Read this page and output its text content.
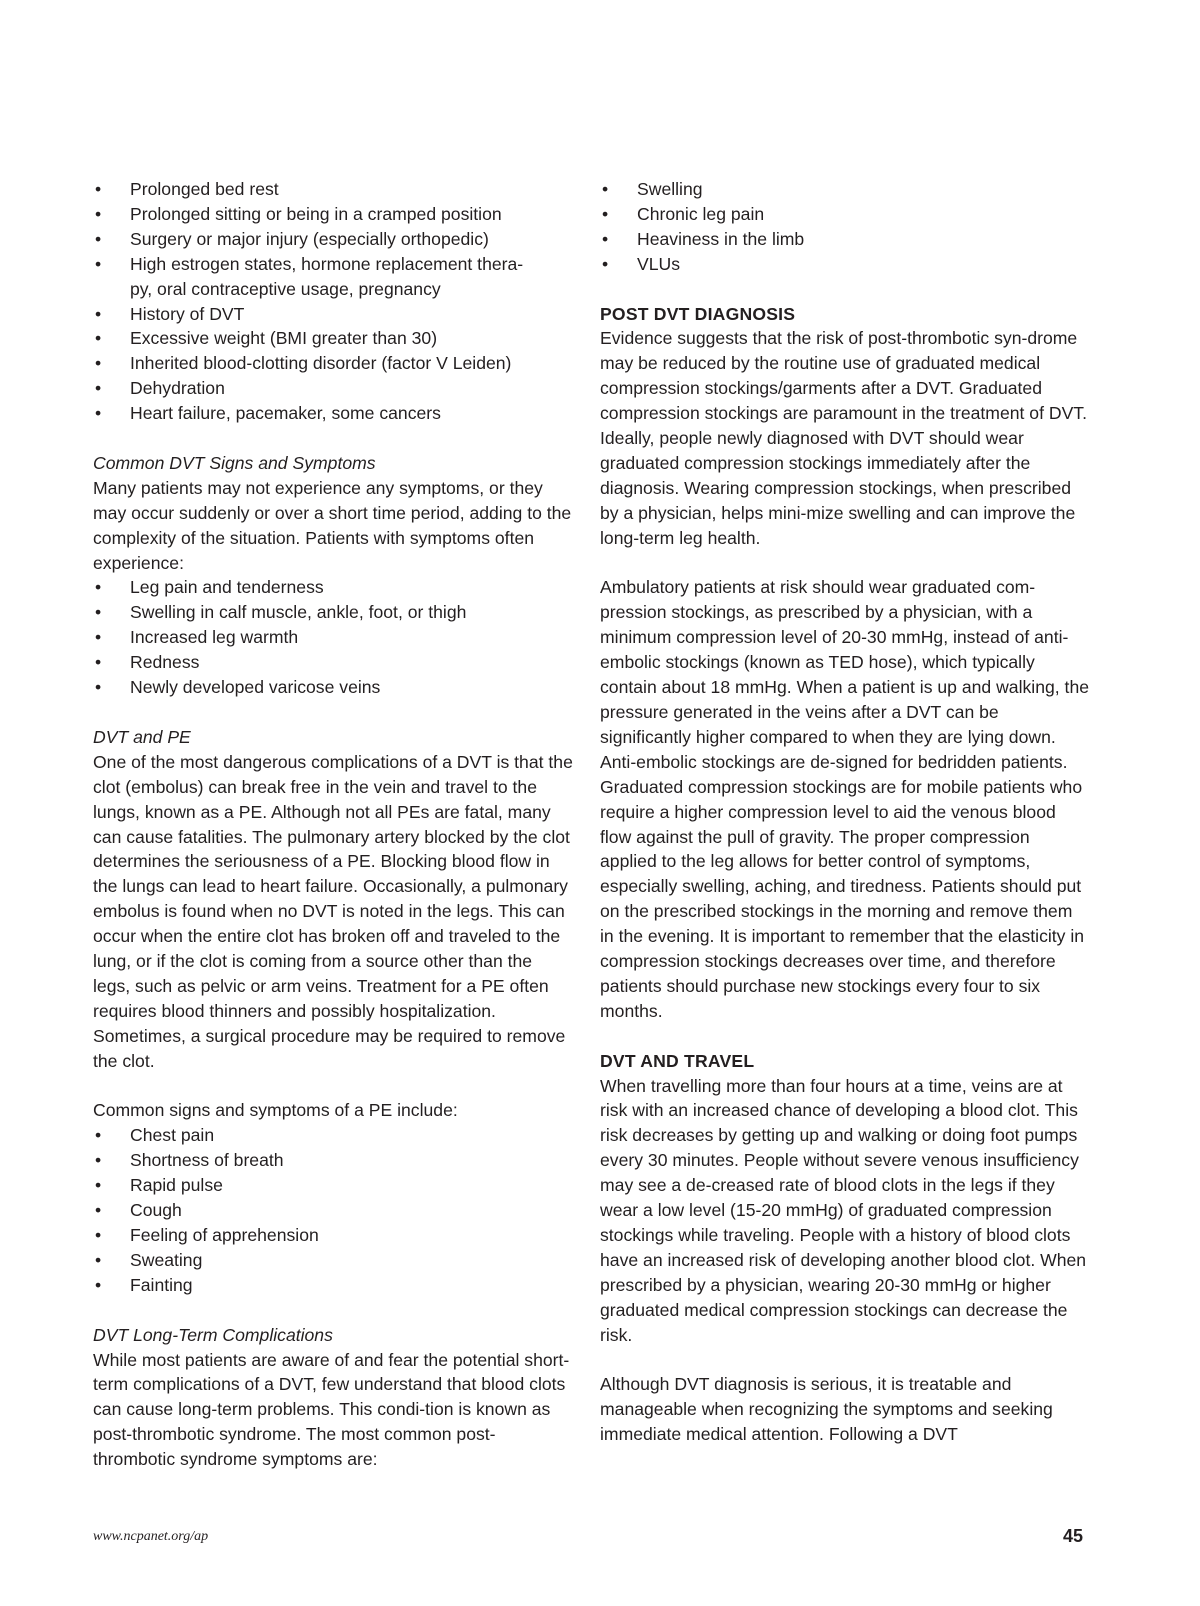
• Prolonged bed rest
• Prolonged sitting or being in a cramped position
• Surgery or major injury (especially orthopedic)
• High estrogen states, hormone replacement thera-
py, oral contraceptive usage, pregnancy
• History of DVT
• Excessive weight (BMI greater than 30)
• Inherited blood-clotting disorder (factor V Leiden)
• Dehydration
• Heart failure, pacemaker, some cancers
Common DVT Signs and Symptoms

Many patients may not experience any symptoms, or they may occur suddenly or over a short time period, adding to the complexity of the situation. Patients with symptoms often experience:

• Leg pain and tenderness
• Swelling in calf muscle, ankle, foot, or thigh
• Increased leg warmth
• Redness
• Newly developed varicose veins
DVT and PE

One of the most dangerous complications of a DVT is that the clot (embolus) can break free in the vein and travel to the lungs, known as a PE. Although not all PEs are fatal, many can cause fatalities. The pulmonary artery blocked by the clot determines the seriousness of a PE. Blocking blood flow in the lungs can lead to heart failure. Occasionally, a pulmonary embolus is found when no DVT is noted in the legs. This can occur when the entire clot has broken off and traveled to the lung, or if the clot is coming from a source other than the legs, such as pelvic or arm veins. Treatment for a PE often requires blood thinners and possibly hospitalization. Sometimes, a surgical procedure may be required to remove the clot.

Common signs and symptoms of a PE include:

• Chest pain
• Shortness of breath
• Rapid pulse
• Cough
• Feeling of apprehension
• Sweating
• Fainting
DVT Long-Term Complications

While most patients are aware of and fear the potential short-term complications of a DVT, few understand that blood clots can cause long-term problems. This condi-tion is known as post-thrombotic syndrome. The most common post-thrombotic syndrome symptoms are:

• Swelling
• Chronic leg pain
• Heaviness in the limb
• VLUs
POST DVT DIAGNOSIS

Evidence suggests that the risk of post-thrombotic syn-drome may be reduced by the routine use of graduated medical compression stockings/garments after a DVT. Graduated compression stockings are paramount in the treatment of DVT. Ideally, people newly diagnosed with DVT should wear graduated compression stockings immediately after the diagnosis. Wearing compression stockings, when prescribed by a physician, helps mini-mize swelling and can improve the long-term leg health.

Ambulatory patients at risk should wear graduated com-pression stockings, as prescribed by a physician, with a minimum compression level of 20-30 mmHg, instead of anti-embolic stockings (known as TED hose), which typically contain about 18 mmHg. When a patient is up and walking, the pressure generated in the veins after a DVT can be significantly higher compared to when they are lying down. Anti-embolic stockings are de-signed for bedridden patients. Graduated compression stockings are for mobile patients who require a higher compression level to aid the venous blood flow against the pull of gravity. The proper compression applied to the leg allows for better control of symptoms, especially swelling, aching, and tiredness. Patients should put on the prescribed stockings in the morning and remove them in the evening. It is important to remember that the elasticity in compression stockings decreases over time, and therefore patients should purchase new stockings every four to six months.

DVT AND TRAVEL

When travelling more than four hours at a time, veins are at risk with an increased chance of developing a blood clot. This risk decreases by getting up and walking or doing foot pumps every 30 minutes. People without severe venous insufficiency may see a de-creased rate of blood clots in the legs if they wear a low level (15-20 mmHg) of graduated compression stockings while traveling. People with a history of blood clots have an increased risk of developing another blood clot. When prescribed by a physician, wearing 20-30 mmHg or higher graduated medical compression stockings can decrease the risk.

Although DVT diagnosis is serious, it is treatable and manageable when recognizing the symptoms and seeking immediate medical attention. Following a DVT

www.ncpanet.org/ap	45
